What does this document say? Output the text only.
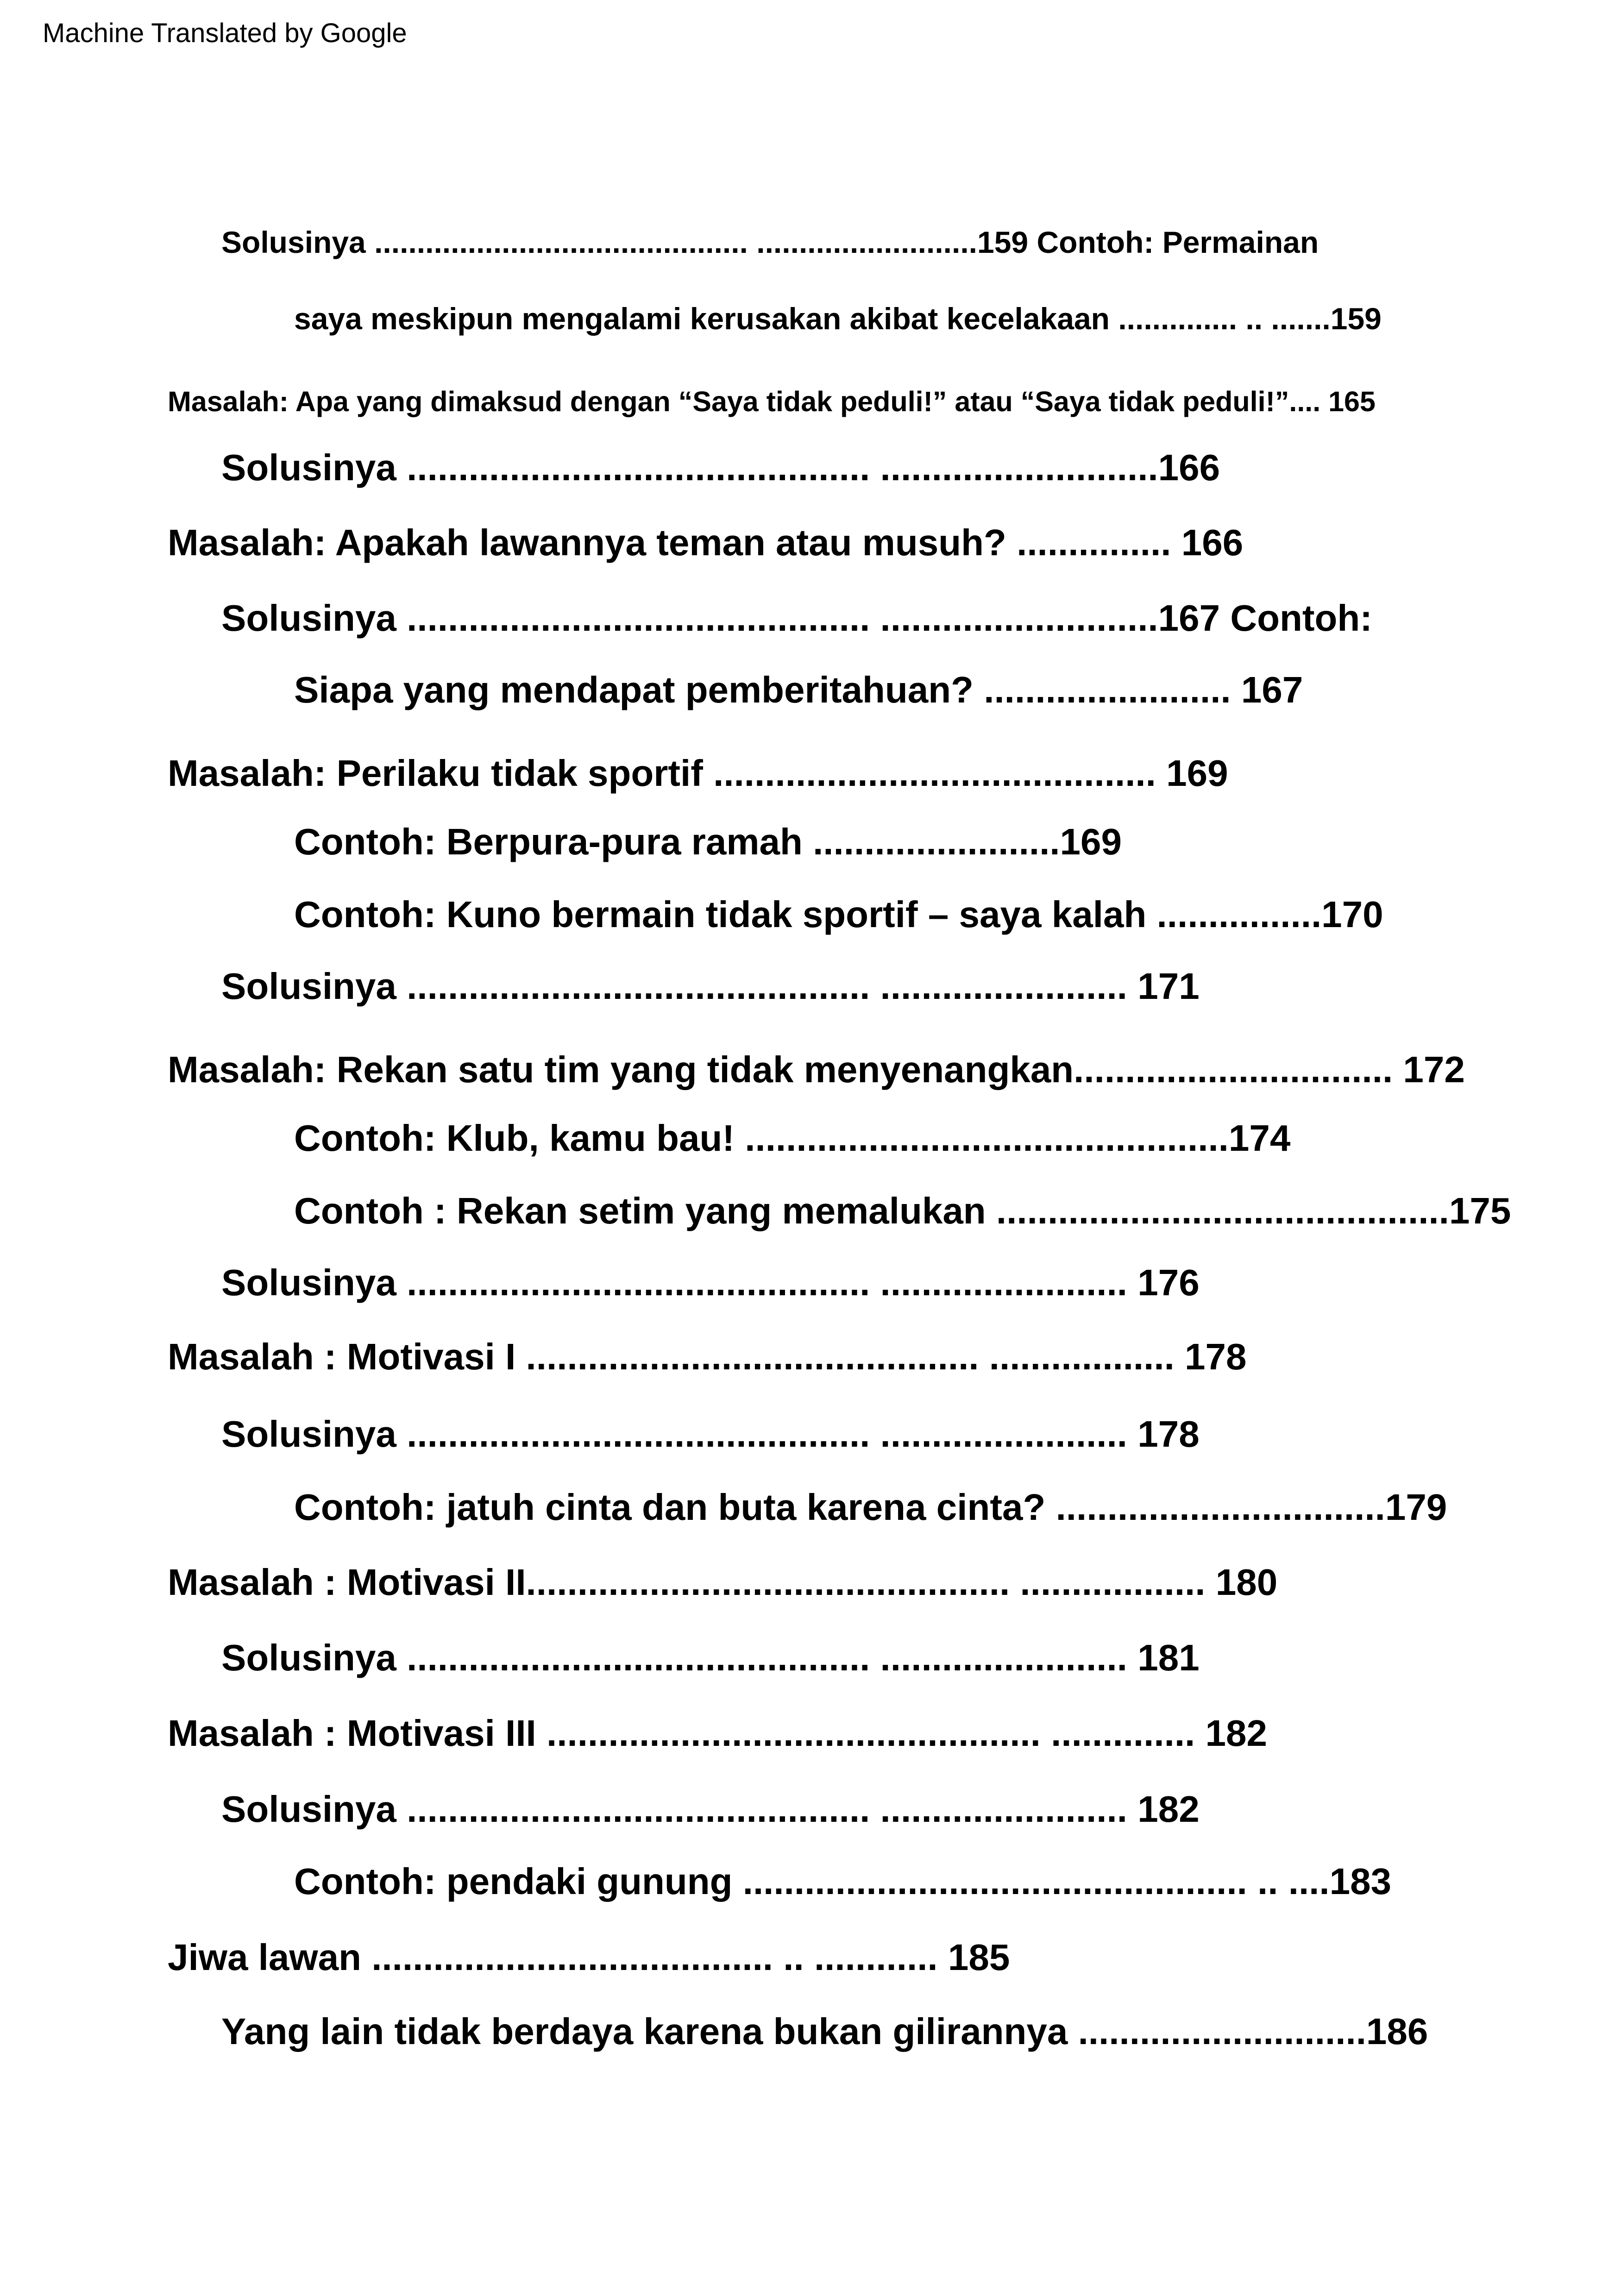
Machine Translated by Google
Solusinya ............................................ ..........................159 Contoh: Permainan
saya meskipun mengalami kerusakan akibat kecelakaan .............. .. .......159
Masalah: Apa yang dimaksud dengan “Saya tidak peduli!” atau “Saya tidak peduli!”.... 165
Solusinya ............................................. ...........................166
Masalah: Apakah lawannya teman atau musuh? ............... 166
Solusinya ............................................. ...........................167 Contoh:
Siapa yang mendapat pemberitahuan? ........................ 167
Masalah: Perilaku tidak sportif ........................................... 169
Contoh: Berpura-pura ramah ........................169
Contoh: Kuno bermain tidak sportif – saya kalah ................170
Solusinya ............................................. ........................ 171
Masalah: Rekan satu tim yang tidak menyenangkan............................... 172
Contoh: Klub, kamu bau! ...............................................174
Contoh : Rekan setim yang memalukan ............................................175
Solusinya ............................................. ........................ 176
Masalah : Motivasi I ............................................ .................. 178
Solusinya ............................................. ........................ 178
Contoh: jatuh cinta dan buta karena cinta? ................................179
Masalah : Motivasi II............................................... .................. 180
Solusinya ............................................. ........................ 181
Masalah : Motivasi III ................................................ .............. 182
Solusinya ............................................. ........................ 182
Contoh: pendaki gunung ................................................. .. ....183
Jiwa lawan ....................................... .. ............ 185
Yang lain tidak berdaya karena bukan gilirannya ............................186
